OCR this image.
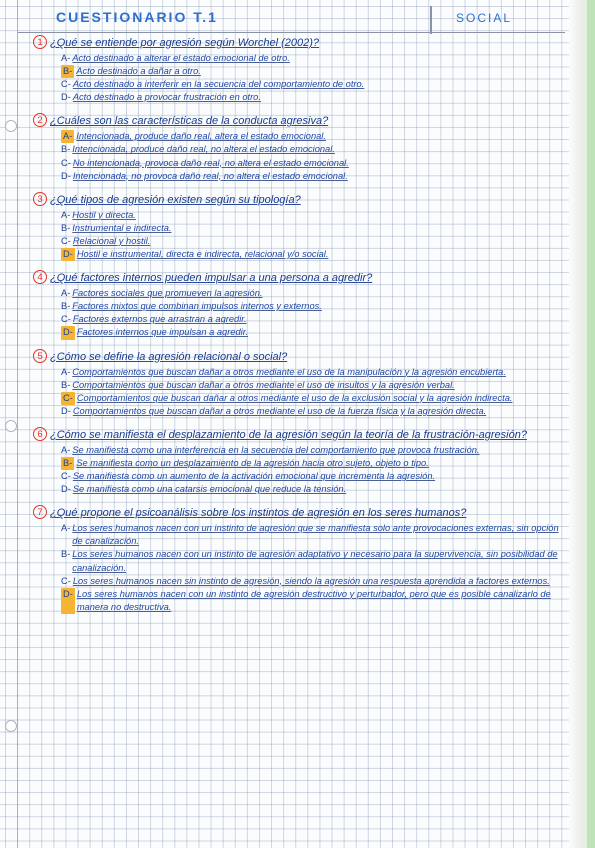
CUESTIONARIO T.1	SOCIAL
1 ¿Qué se entiende por agresión según Worchel (2002)?
A- Acto destinado a alterar el estado emocional de otro.
B- Acto destinado a dañar a otro.
C- Acto destinado a interferir en la secuencia del comportamiento de otro.
D- Acto destinado a provocar frustración en otro.
2 ¿Cuáles son las características de la conducta agresiva?
A- Intencionada, produce daño real, altera el estado emocional.
B- Intencionada, produce daño real, no altera el estado emocional.
C- No intencionada, provoca daño real, no altera el estado emocional.
D- Intencionada, no provoca daño real, no altera el estado emocional.
3 ¿Qué tipos de agresión existen según su tipología?
A- Hostil y directa.
B- Instrumental e indirecta.
C- Relacional y hostil.
D- Hostil e instrumental, directa e indirecta, relacional y/o social.
4 ¿Qué factores internos pueden impulsar a una persona a agredir?
A- Factores sociales que promueven la agresión.
B- Factores mixtos que combinan impulsos internos y externos.
C- Factores externos que arrastran a agredir.
D- Factores internos que impulsan a agredir.
5 ¿Cómo se define la agresión relacional o social?
A- Comportamientos que buscan dañar a otros mediante el uso de la manipulación y la agresión encubierta.
B- Comportamientos que buscan dañar a otros mediante el uso de insultos y la agresión verbal.
C- Comportamientos que buscan dañar a otros mediante el uso de la exclusión social y la agresión indirecta.
D- Comportamientos que buscan dañar a otros mediante el uso de la fuerza física y la agresión directa.
6 ¿Cómo se manifiesta el desplazamiento de la agresión según la teoría de la frustración-agresión?
A- Se manifiesta como una interferencia en la secuencia del comportamiento que provoca frustración.
B- Se manifiesta como un desplazamiento de la agresión hacia otro sujeto, objeto o tipo.
C- Se manifiesta como un aumento de la activación emocional que incrementa la agresión.
D- Se manifiesta como una catarsis emocional que reduce la tensión.
7 ¿Qué propone el psicoanálisis sobre los instintos de agresión en los seres humanos?
A- Los seres humanos nacen con un instinto de agresión que se manifiesta solo ante provocaciones externas, sin opción de canalización.
B- Los seres humanos nacen con un instinto de agresión adaptativo y necesario para la supervivencia, sin posibilidad de canalización.
C- Los seres humanos nacen sin instinto de agresión, siendo la agresión una respuesta aprendida a factores externos.
D- Los seres humanos nacen con un instinto de agresión destructivo y perturbador, pero que es posible canalizarlo de manera no destructiva.
